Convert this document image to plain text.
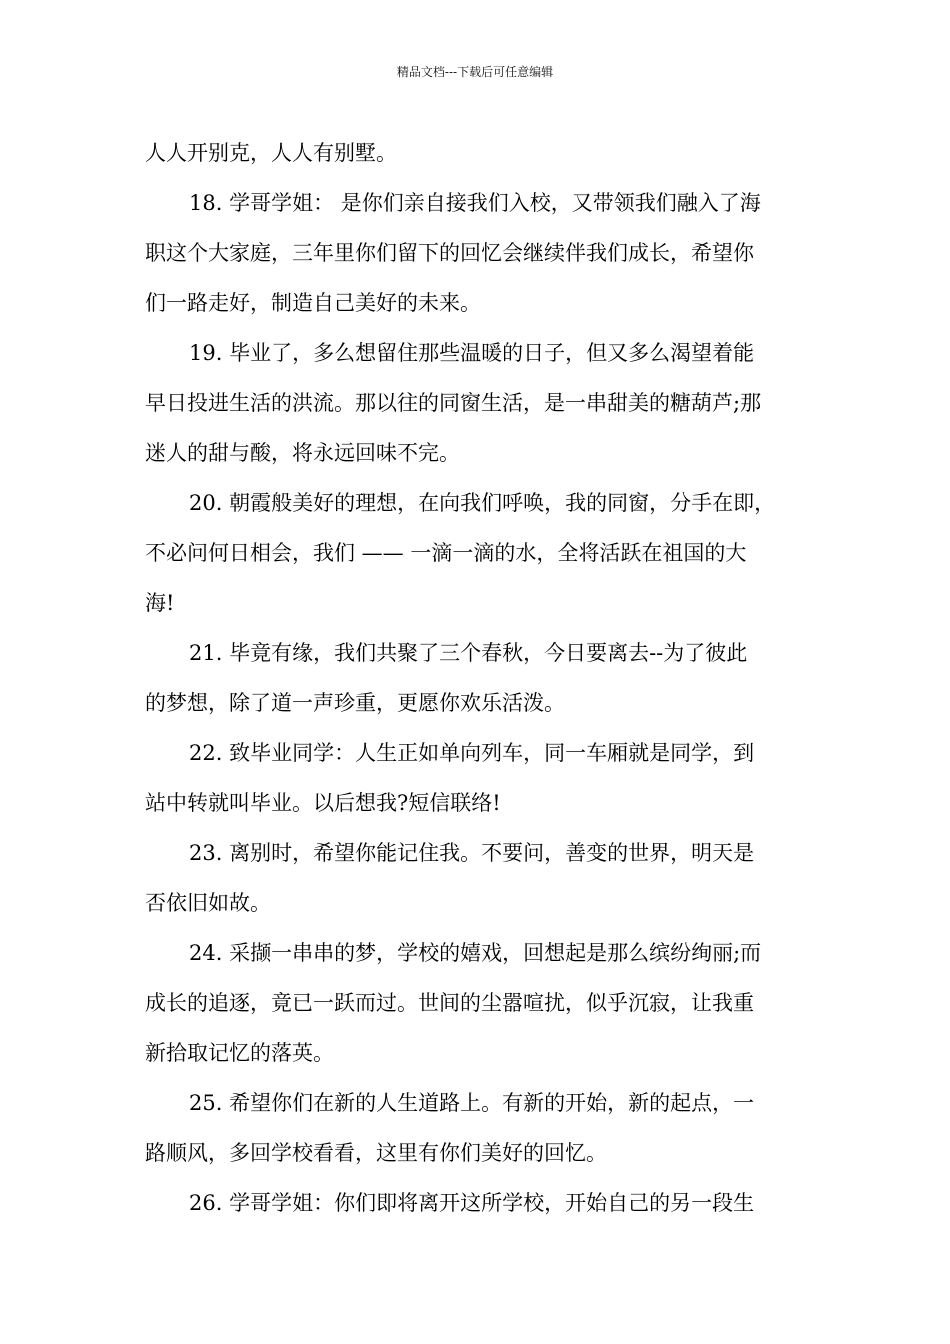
精品文档---下载后可任意编辑
人人开别克，人人有别墅。
18. 学哥学姐： 是你们亲自接我们入校，又带领我们融入了海
职这个大家庭，三年里你们留下的回忆会继续伴我们成长，希望你
们一路走好，制造自己美好的未来。
19. 毕业了，多么想留住那些温暖的日子，但又多么渴望着能
早日投进生活的洪流。那以往的同窗生活，是一串甜美的糖葫芦;那
迷人的甜与酸，将永远回味不完。
20. 朝霞般美好的理想，在向我们呼唤，我的同窗，分手在即，
不必问何日相会，我们 —— 一滴一滴的水，全将活跃在祖国的大
海!
21. 毕竟有缘，我们共聚了三个春秋，今日要离去--为了彼此
的梦想，除了道一声珍重，更愿你欢乐活泼。
22. 致毕业同学：人生正如单向列车，同一车厢就是同学，到
站中转就叫毕业。以后想我?短信联络!
23. 离别时，希望你能记住我。不要问，善变的世界，明天是
否依旧如故。
24. 采撷一串串的梦，学校的嬉戏，回想起是那么缤纷绚丽;而
成长的追逐，竟已一跃而过。世间的尘嚣喧扰，似乎沉寂，让我重
新拾取记忆的落英。
25. 希望你们在新的人生道路上。有新的开始，新的起点，一
路顺风，多回学校看看，这里有你们美好的回忆。
26. 学哥学姐：你们即将离开这所学校，开始自己的另一段生
